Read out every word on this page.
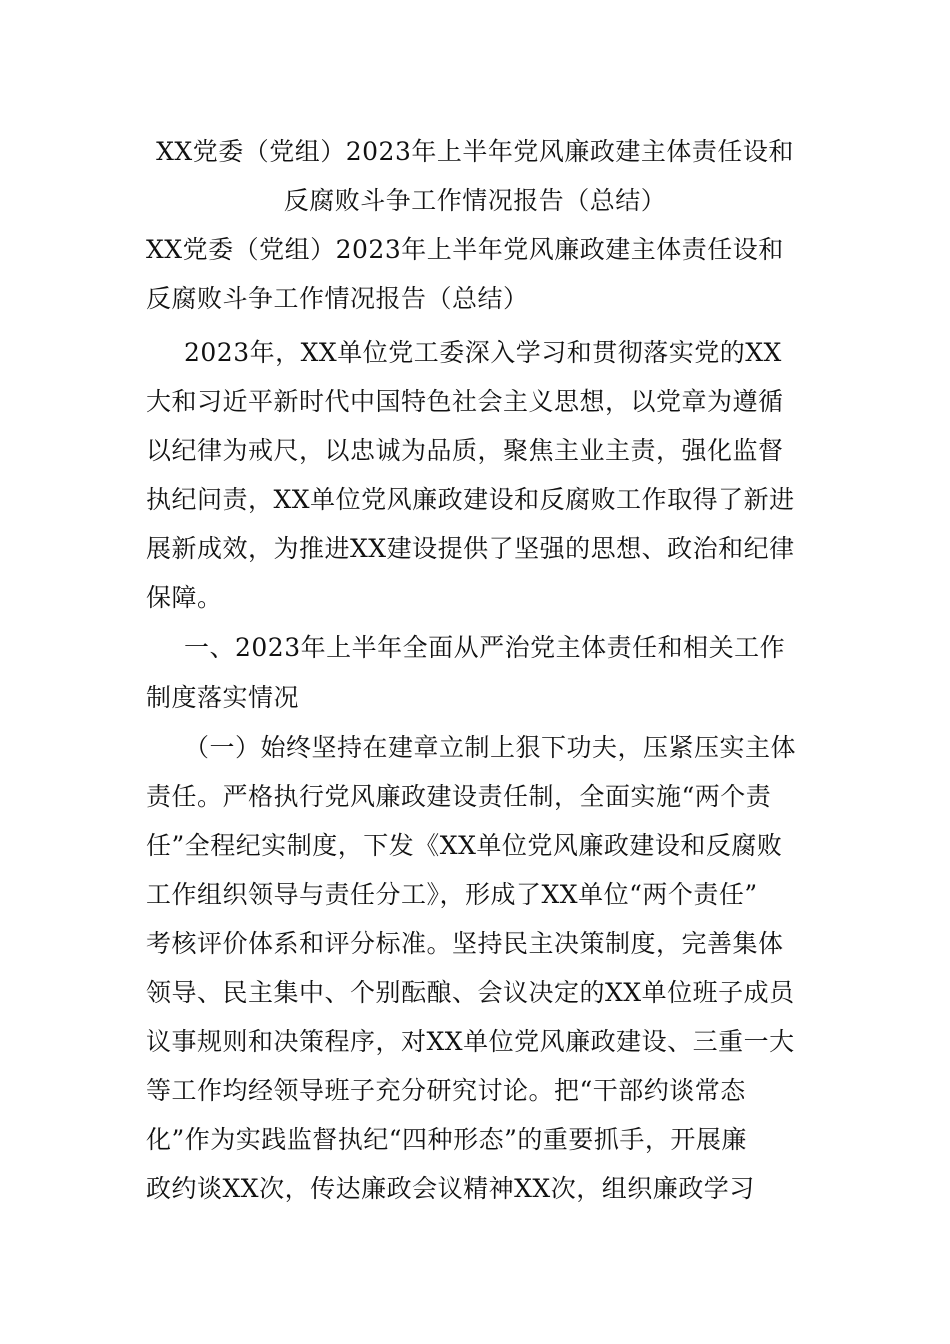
XX党委（党组）2023年上半年党风廉政建主体责任设和
反腐败斗争工作情况报告（总结）
XX党委（党组）2023年上半年党风廉政建主体责任设和
反腐败斗争工作情况报告（总结）
2023年，XX单位党工委深入学习和贯彻落实党的XX
大和习近平新时代中国特色社会主义思想，以党章为遵循
以纪律为戒尺，以忠诚为品质，聚焦主业主责，强化监督
执纪问责，XX单位党风廉政建设和反腐败工作取得了新进
展新成效，为推进XX建设提供了坚强的思想、政治和纪律
保障。
一、2023年上半年全面从严治党主体责任和相关工作
制度落实情况
（一）始终坚持在建章立制上狠下功夫，压紧压实主体
责任。严格执行党风廉政建设责任制，全面实施“两个责
任”全程纪实制度，下发《XX单位党风廉政建设和反腐败
工作组织领导与责任分工》，形成了XX单位“两个责任”
考核评价体系和评分标准。坚持民主决策制度，完善集体
领导、民主集中、个别酝酿、会议决定的XX单位班子成员
议事规则和决策程序，对XX单位党风廉政建设、三重一大
等工作均经领导班子充分研究讨论。把“干部约谈常态
化”作为实践监督执纪“四种形态”的重要抓手，开展廉
政约谈XX次，传达廉政会议精神XX次，组织廉政学习
